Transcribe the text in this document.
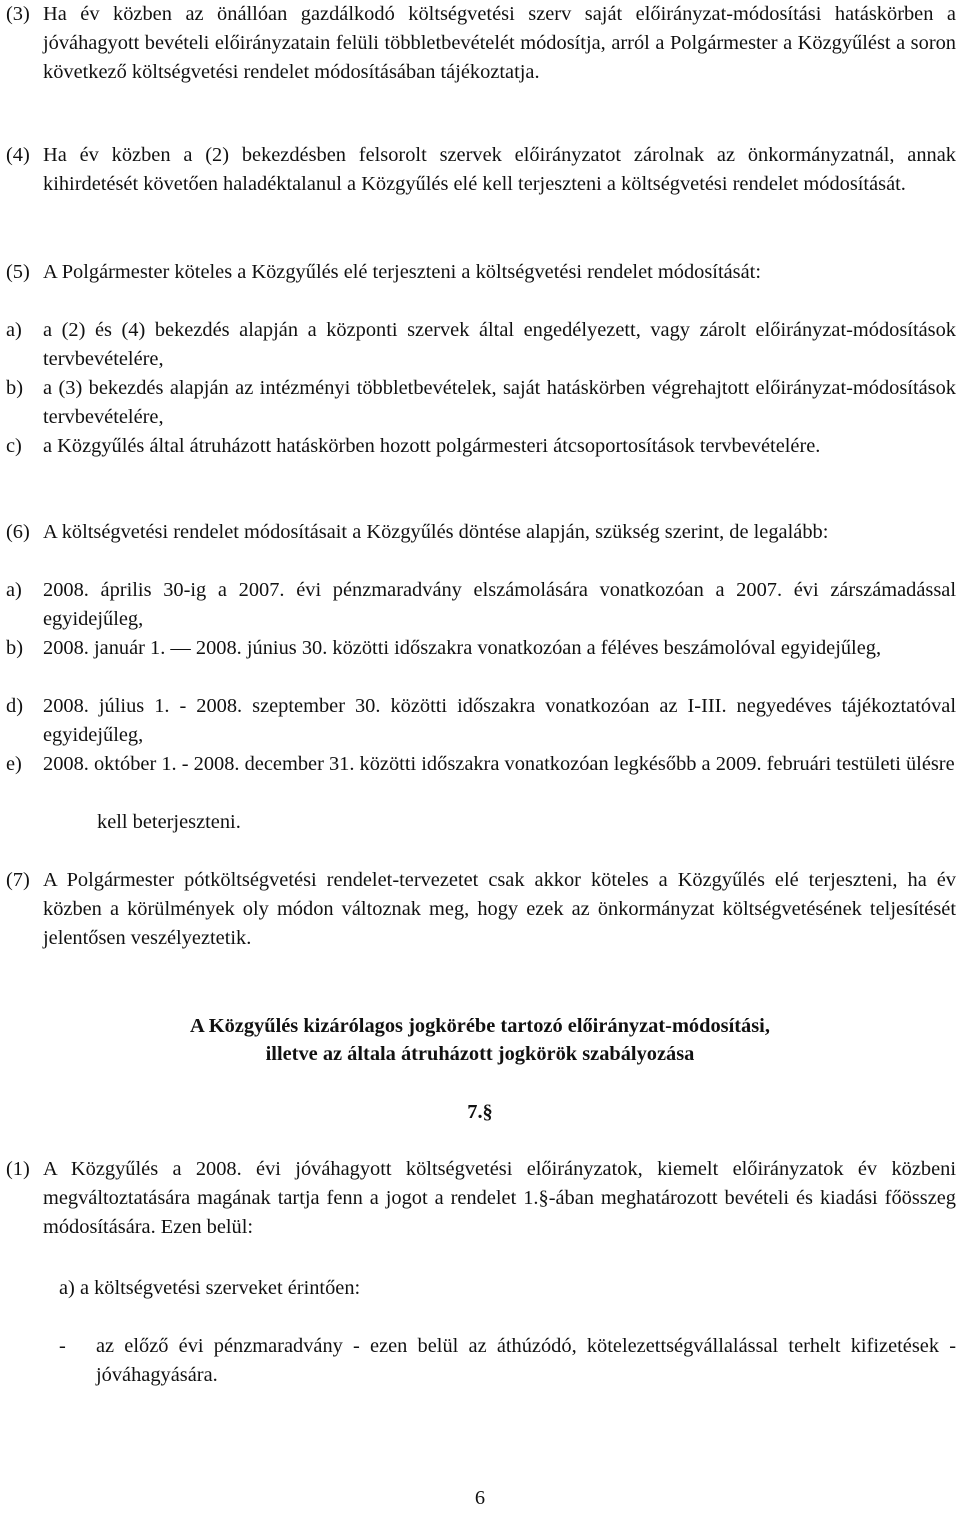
(3) Ha év közben az önállóan gazdálkodó költségvetési szerv saját előirányzat-módosítási hatáskörben a jóváhagyott bevételi előirányzatain felüli többletbevételét módosítja, arról a Polgármester a Közgyűlést a soron következő költségvetési rendelet módosításában tájékoztatja.
(4) Ha év közben a (2) bekezdésben felsorolt szervek előirányzatot zárolnak az önkormányzatnál, annak kihirdetését követően haladéktalanul a Közgyűlés elé kell terjeszteni a költségvetési rendelet módosítását.
(5) A Polgármester köteles a Közgyűlés elé terjeszteni a költségvetési rendelet módosítását:
a)	a (2) és (4) bekezdés alapján a központi szervek által engedélyezett, vagy zárolt előirányzat-módosítások tervbevételére,
b) a (3) bekezdés alapján az intézményi többletbevételek, saját hatáskörben végrehajtott előirányzat-módosítások tervbevételére,
c)	a Közgyűlés által átruházott hatáskörben hozott polgármesteri átcsoportosítások tervbevételére.
(6) A költségvetési rendelet módosításait a Közgyűlés döntése alapján, szükség szerint, de legalább:
a)	2008. április 30-ig a 2007. évi pénzmaradvány elszámolására vonatkozóan a 2007. évi zárszámadással egyidejűleg,
b) 2008. január 1. — 2008. június 30. közötti időszakra vonatkozóan a féléves beszámolóval egyidejűleg,
d) 2008. július 1. - 2008. szeptember 30. közötti időszakra vonatkozóan az I-III. negyedéves tájékoztatóval egyidejűleg,
e)	2008. október 1. - 2008. december 31. közötti időszakra vonatkozóan legkésőbb a 2009. februári testületi ülésre
kell beterjeszteni.
(7) A Polgármester pótköltségvetési rendelet-tervezetet csak akkor köteles a Közgyűlés elé terjeszteni, ha év közben a körülmények oly módon változnak meg, hogy ezek az önkormányzat költségvetésének teljesítését jelentősen veszélyeztetik.
A Közgyűlés kizárólagos jogkörébe tartozó előirányzat-módosítási,
illetve az általa átruházott jogkörök szabályozása
7.§
(1) A Közgyűlés a 2008. évi jóváhagyott költségvetési előirányzatok, kiemelt előirányzatok év közbeni megváltoztatására magának tartja fenn a jogot a rendelet 1.§-ában meghatározott bevételi és kiadási főösszeg módosítására. Ezen belül:
a) a költségvetési szerveket érintően:
-	az előző évi pénzmaradvány - ezen belül az áthúzódó, kötelezettségvállalással terhelt kifizetések - jóváhagyására.
6
